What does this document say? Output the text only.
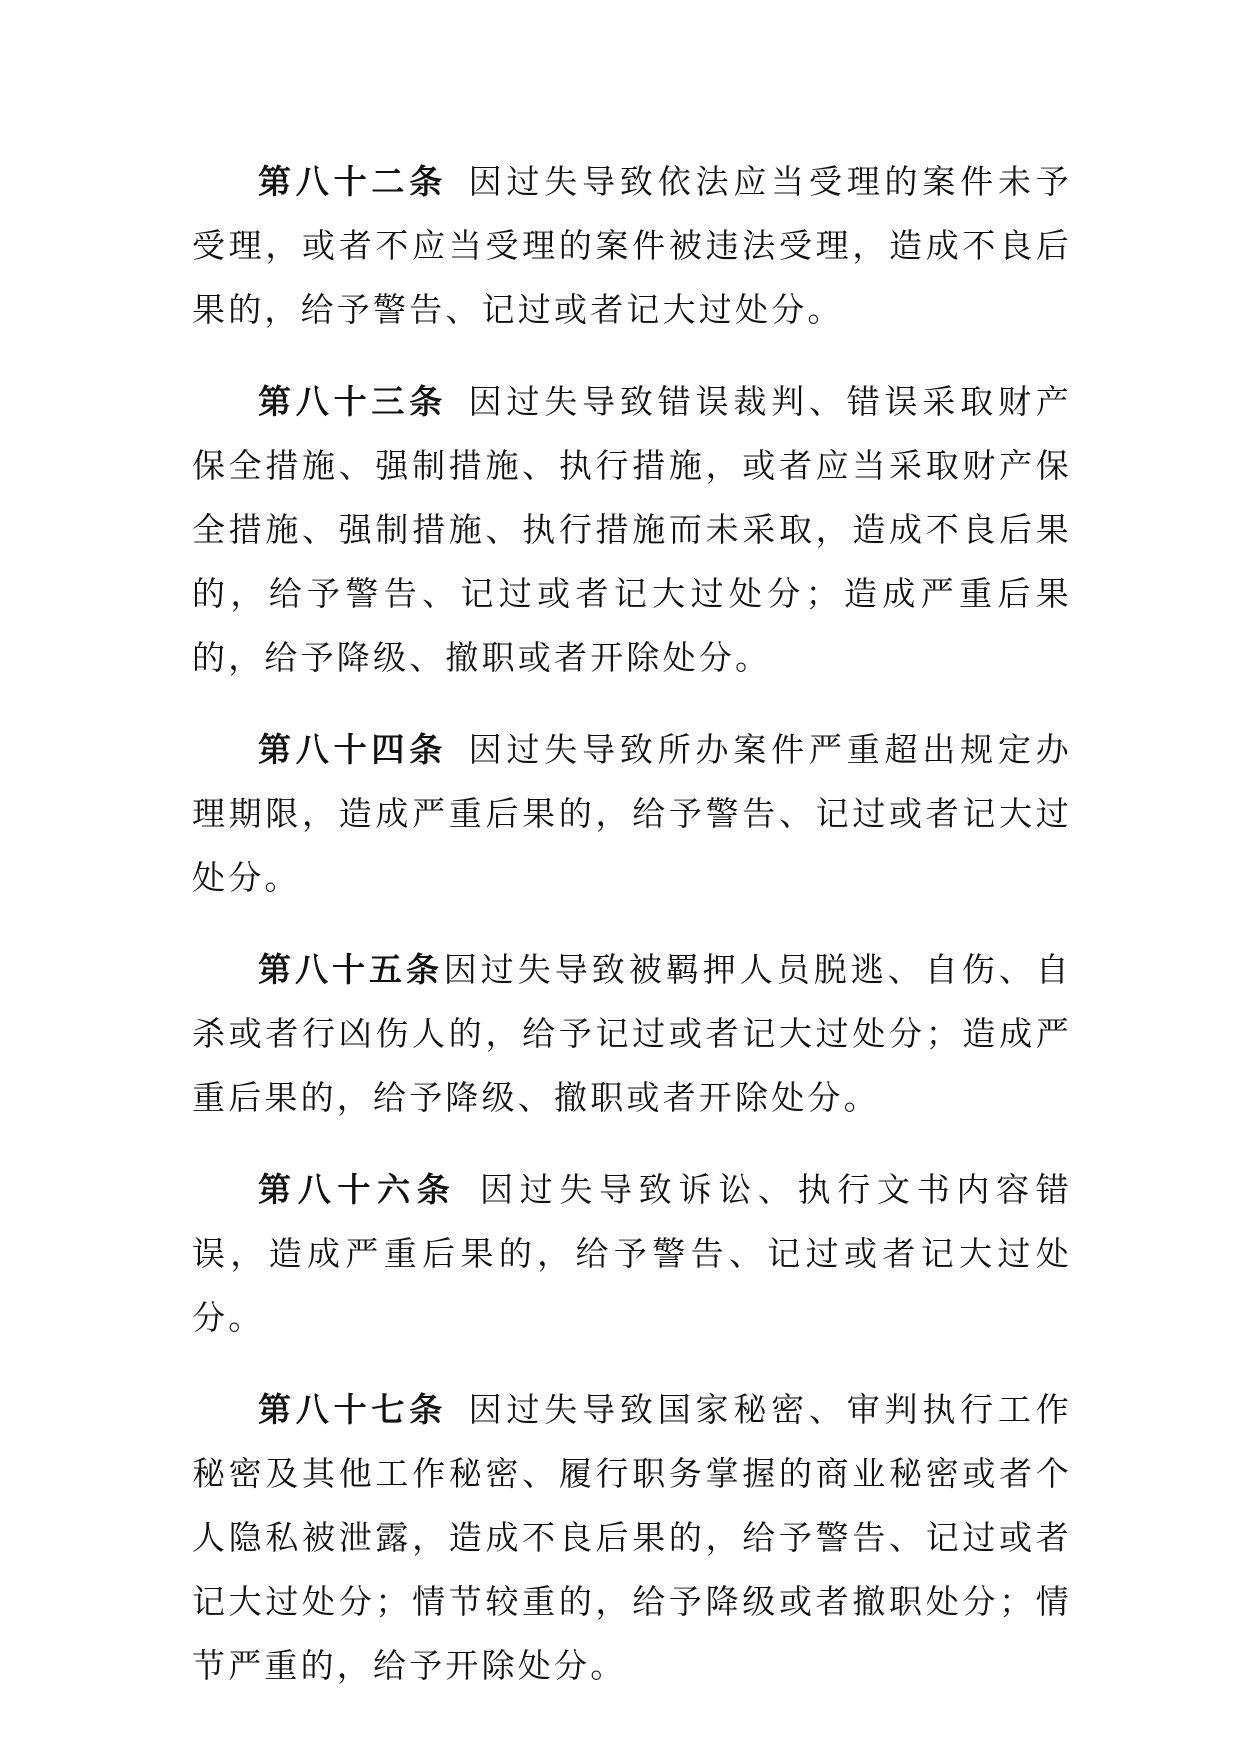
第八十二条 因过失导致依法应当受理的案件未予受理，或者不应当受理的案件被违法受理，造成不良后果的，给予警告、记过或者记大过处分。

第八十三条 因过失导致错误裁判、错误采取财产保全措施、强制措施、执行措施，或者应当采取财产保全措施、强制措施、执行措施而未采取，造成不良后果的，给予警告、记过或者记大过处分；造成严重后果的，给予降级、撤职或者开除处分。

第八十四条 因过失导致所办案件严重超出规定办理期限，造成严重后果的，给予警告、记过或者记大过处分。

第八十五条因过失导致被羁押人员脱逃、自伤、自杀或者行凶伤人的，给予记过或者记大过处分；造成严重后果的，给予降级、撤职或者开除处分。

第八十六条 因过失导致诉讼、执行文书内容错误，造成严重后果的，给予警告、记过或者记大过处分。

第八十七条 因过失导致国家秘密、审判执行工作秘密及其他工作秘密、履行职务掌握的商业秘密或者个人隐私被泄露，造成不良后果的，给予警告、记过或者记大过处分；情节较重的，给予降级或者撤职处分；情节严重的，给予开除处分。
